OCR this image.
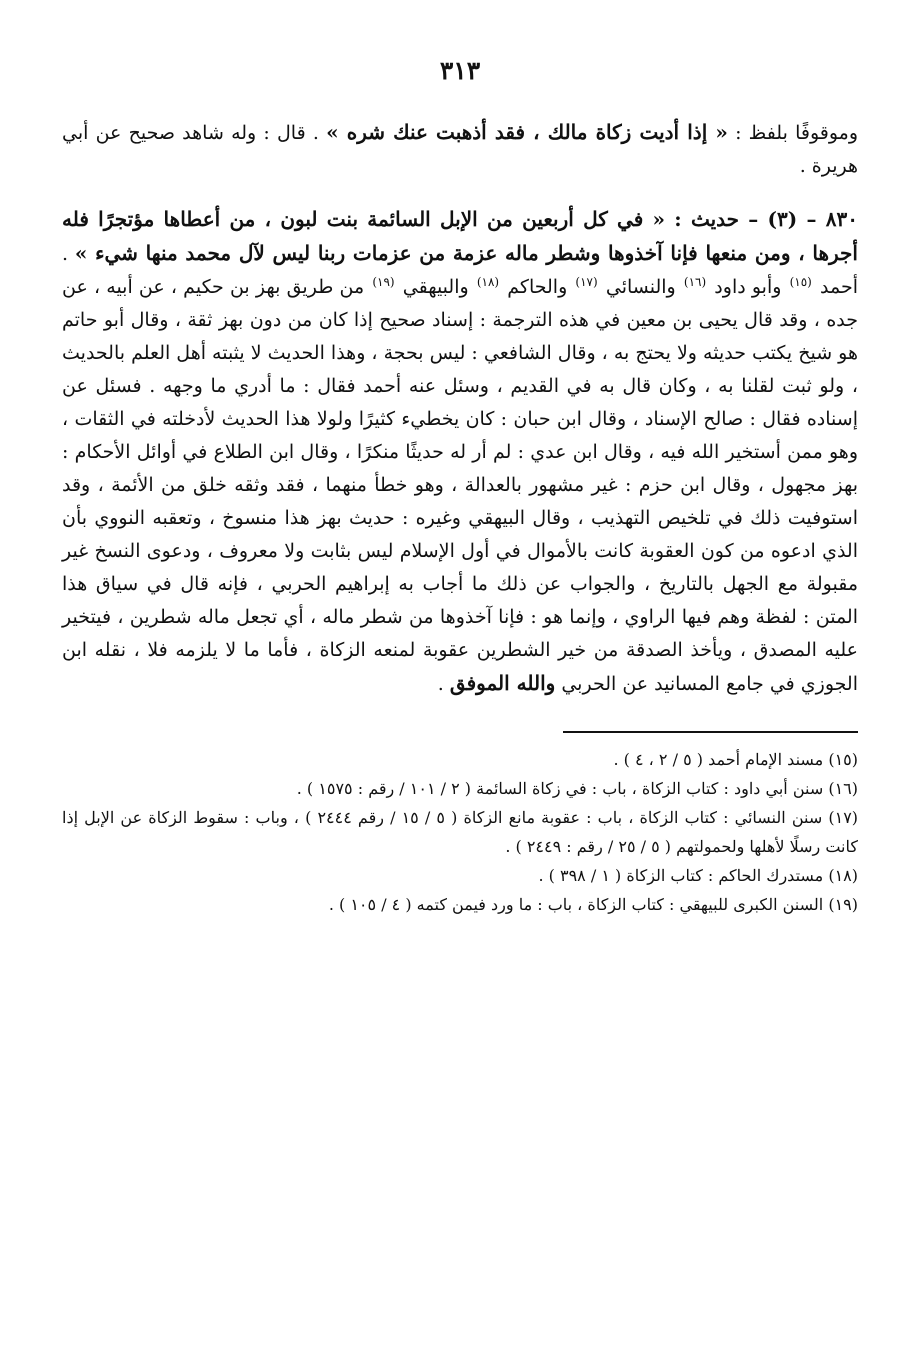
٣١٣

وموقوفًا بلفظ : « إذا أديت زكاة مالك ، فقد أذهبت عنك شره » . قال : وله شاهد صحيح عن أبي هريرة .

٨٣٠ – (٣) – حديث : « في كل أربعين من الإبل السائمة بنت لبون ، من أعطاها مؤتجرًا فله أجرها ، ومن منعها فإنا آخذوها وشطر ماله عزمة من عزمات ربنا ليس لآل محمد منها شيء » . أحمد $^{(١٥)}$ وأبو داود $^{(١٦)}$ والنسائي $^{(١٧)}$ والحاكم $^{(١٨)}$ والبيهقي $^{(١٩)}$ من طريق بهز بن حكيم ، عن أبيه ، عن جده ، وقد قال يحيى بن معين في هذه الترجمة : إسناد صحيح إذا كان من دون بهز ثقة ، وقال أبو حاتم هو شيخ يكتب حديثه ولا يحتج به ، وقال الشافعي : ليس بحجة ، وهذا الحديث لا يثبته أهل العلم بالحديث ، ولو ثبت لقلنا به ، وكان قال به في القديم ، وسئل عنه أحمد فقال : ما أدري ما وجهه . فسئل عن إسناده فقال : صالح الإسناد ، وقال ابن حبان : كان يخطيء كثيرًا ولولا هذا الحديث لأدخلته في الثقات ، وهو ممن أستخير الله فيه ، وقال ابن عدي : لم أر له حديثًا منكرًا ، وقال ابن الطلاع في أوائل الأحكام : بهز مجهول ، وقال ابن حزم : غير مشهور بالعدالة ، وهو خطأ منهما ، فقد وثقه خلق من الأئمة ، وقد استوفيت ذلك في تلخيص التهذيب ، وقال البيهقي وغيره : حديث بهز هذا منسوخ ، وتعقبه النووي بأن الذي ادعوه من كون العقوبة كانت بالأموال في أول الإسلام ليس بثابت ولا معروف ، ودعوى النسخ غير مقبولة مع الجهل بالتاريخ ، والجواب عن ذلك ما أجاب به إبراهيم الحربي ، فإنه قال في سياق هذا المتن : لفظة وهم فيها الراوي ، وإنما هو : فإنا آخذوها من شطر ماله ، أي تجعل ماله شطرين ، فيتخير عليه المصدق ، ويأخذ الصدقة من خير الشطرين عقوبة لمنعه الزكاة ، فأما ما لا يلزمه فلا ، نقله ابن الجوزي في جامع المسانيد عن الحربي والله الموفق .

(١٥) مسند الإمام أحمد ( ٥ / ٢ ، ٤ ) .

(١٦) سنن أبي داود : كتاب الزكاة ، باب : في زكاة السائمة ( ٢ / ١٠١ / رقم : ١٥٧٥ ) .

(١٧) سنن النسائي : كتاب الزكاة ، باب : عقوبة مانع الزكاة ( ٥ / ١٥ / رقم ٢٤٤٤ ) ، وباب : سقوط الزكاة عن الإبل إذا كانت رسلًا لأهلها ولحمولتهم ( ٥ / ٢٥ / رقم : ٢٤٤٩ ) .

(١٨) مستدرك الحاكم : كتاب الزكاة ( ١ / ٣٩٨ ) .

(١٩) السنن الكبرى للبيهقي : كتاب الزكاة ، باب : ما ورد فيمن كتمه ( ٤ / ١٠٥ ) .
